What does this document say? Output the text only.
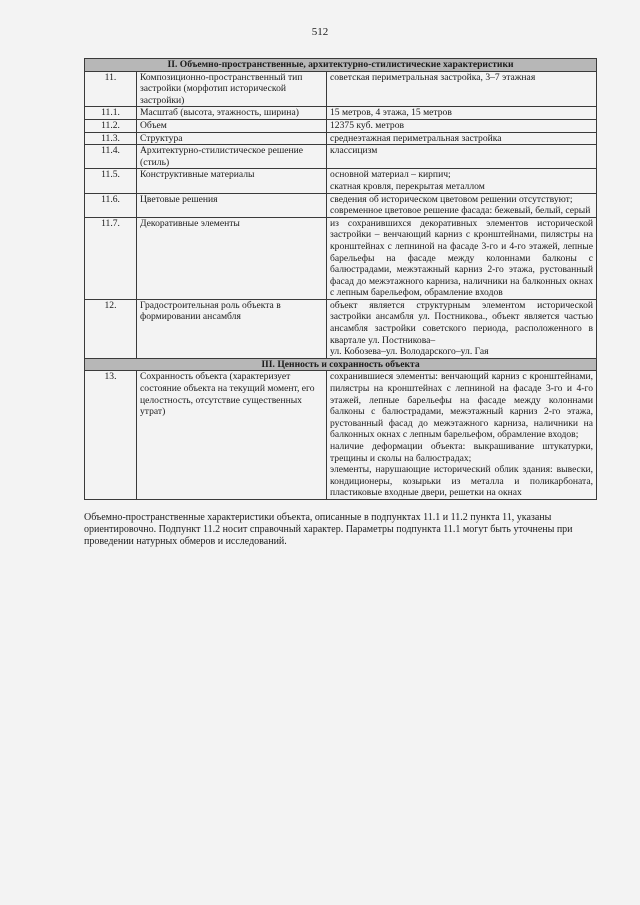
512
II. Объемно-пространственные, архитектурно-стилистические характеристики		
11.	Композиционно-пространственный тип застройки (морфотип исторической застройки)	советская периметральная застройка, 3–7 этажная

11.1.	Масштаб (высота, этажность, ширина)	15 метров, 4 этажа, 15 метров

11.2.	Объем	12375 куб. метров

11.3.	Структура	среднеэтажная периметральная застройка

11.4.	Архитектурно-стилистическое решение (стиль)	классицизм

11.5.	Конструктивные материалы	основной материал – кирпич;
скатная кровля, перекрытая металлом

11.6.	Цветовые решения	сведения об историческом цветовом решении отсутствуют;
современное цветовое решение фасада: бежевый, белый, серый

11.7.	Декоративные элементы	из сохранившихся декоративных элементов исторической застройки – венчающий карниз с кронштейнами, пилястры на кронштейнах с лепниной на фасаде 3-го и 4-го этажей, лепные барельефы на фасаде между колоннами балконы с балюстрадами, межэтажный карниз 2-го этажа, рустованный фасад до межэтажного карниза, наличники на балконных окнах с лепным барельефом, обрамление входов

12.	Градостроительная роль объекта в формировании ансамбля	объект является структурным элементом исторической застройки ансамбля ул. Постникова., объект является частью ансамбля застройки советского периода, расположенного в квартале ул. Постникова–
ул. Кобозева–ул. Володарского–ул. Гая

III. Ценность и сохранность объекта		
13.	Сохранность объекта (характеризует состояние объекта на текущий момент, его целостность, отсутствие существенных утрат)	сохранившиеся элементы: венчающий карниз с кронштейнами, пилястры на кронштейнах с лепниной на фасаде 3-го и 4-го этажей, лепные барельефы на фасаде между колоннами балконы с балюстрадами, межэтажный карниз 2-го этажа, рустованный фасад до межэтажного карниза, наличники на балконных окнах с лепным барельефом, обрамление входов;
наличие деформации объекта: выкрашивание штукатурки, трещины и сколы на балюстрадах;
элементы, нарушающие исторический облик здания: вывески, кондиционеры, козырьки из металла и поликарбоната, пластиковые входные двери, решетки на окнах
Объемно-пространственные характеристики объекта, описанные в подпунктах 11.1 и 11.2 пункта 11, указаны ориентировочно. Подпункт 11.2 носит справочный характер. Параметры подпункта 11.1 могут быть уточнены при проведении натурных обмеров и исследований.
